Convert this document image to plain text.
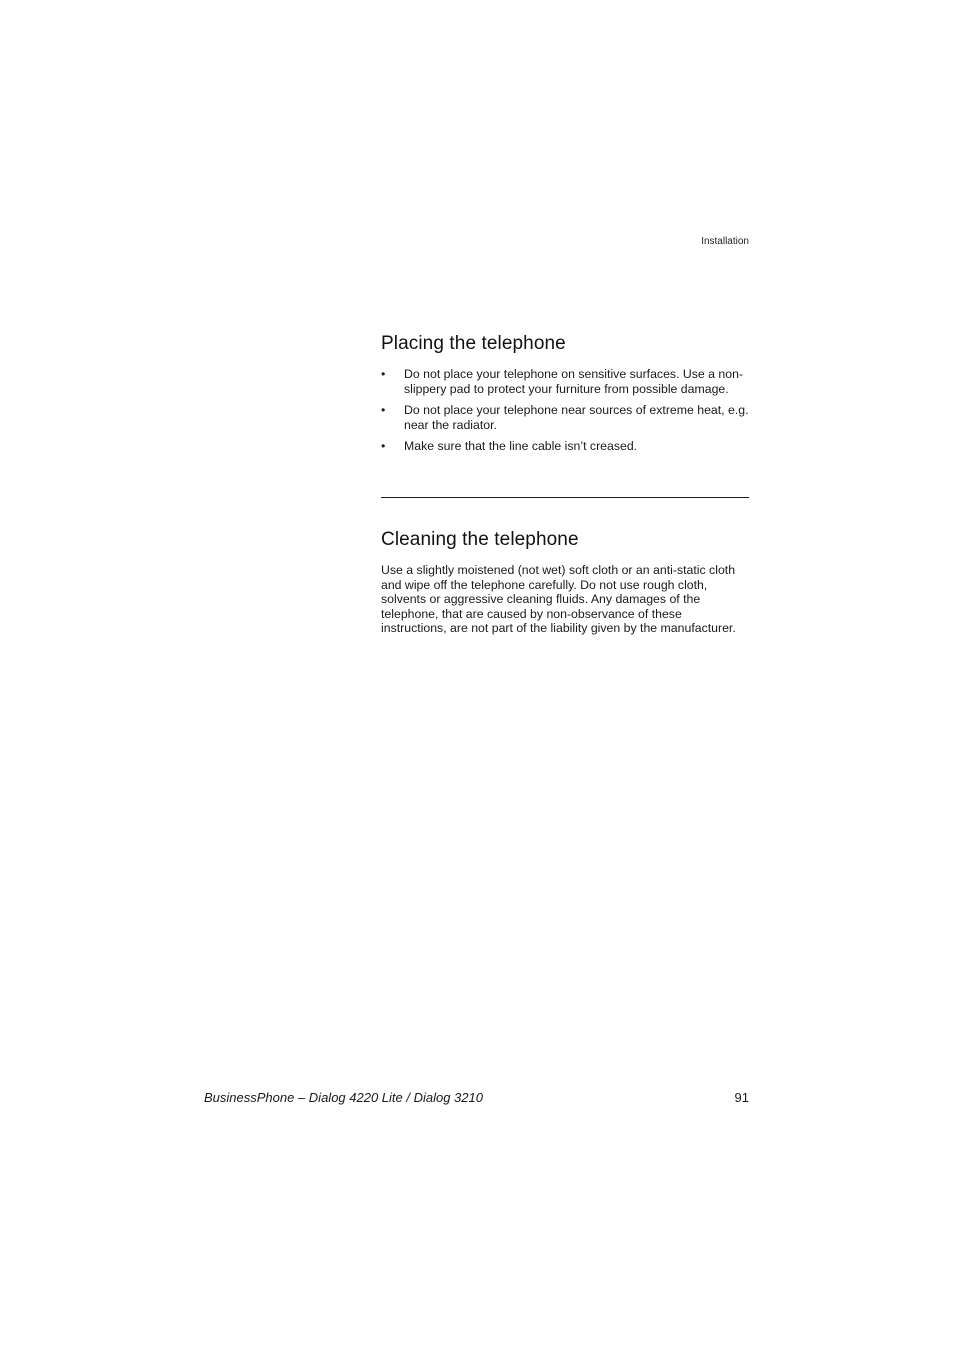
Installation
Placing the telephone
• Do not place your telephone on sensitive surfaces. Use a non-slippery pad to protect your furniture from possible damage.
• Do not place your telephone near sources of extreme heat, e.g. near the radiator.
• Make sure that the line cable isn’t creased.
Cleaning the telephone

Use a slightly moistened (not wet) soft cloth or an anti-static cloth and wipe off the telephone carefully. Do not use rough cloth, solvents or aggressive cleaning fluids. Any damages of the telephone, that are caused by non-observance of these instructions, are not part of the liability given by the manufacturer.

BusinessPhone – Dialog 4220 Lite / Dialog 3210	91
